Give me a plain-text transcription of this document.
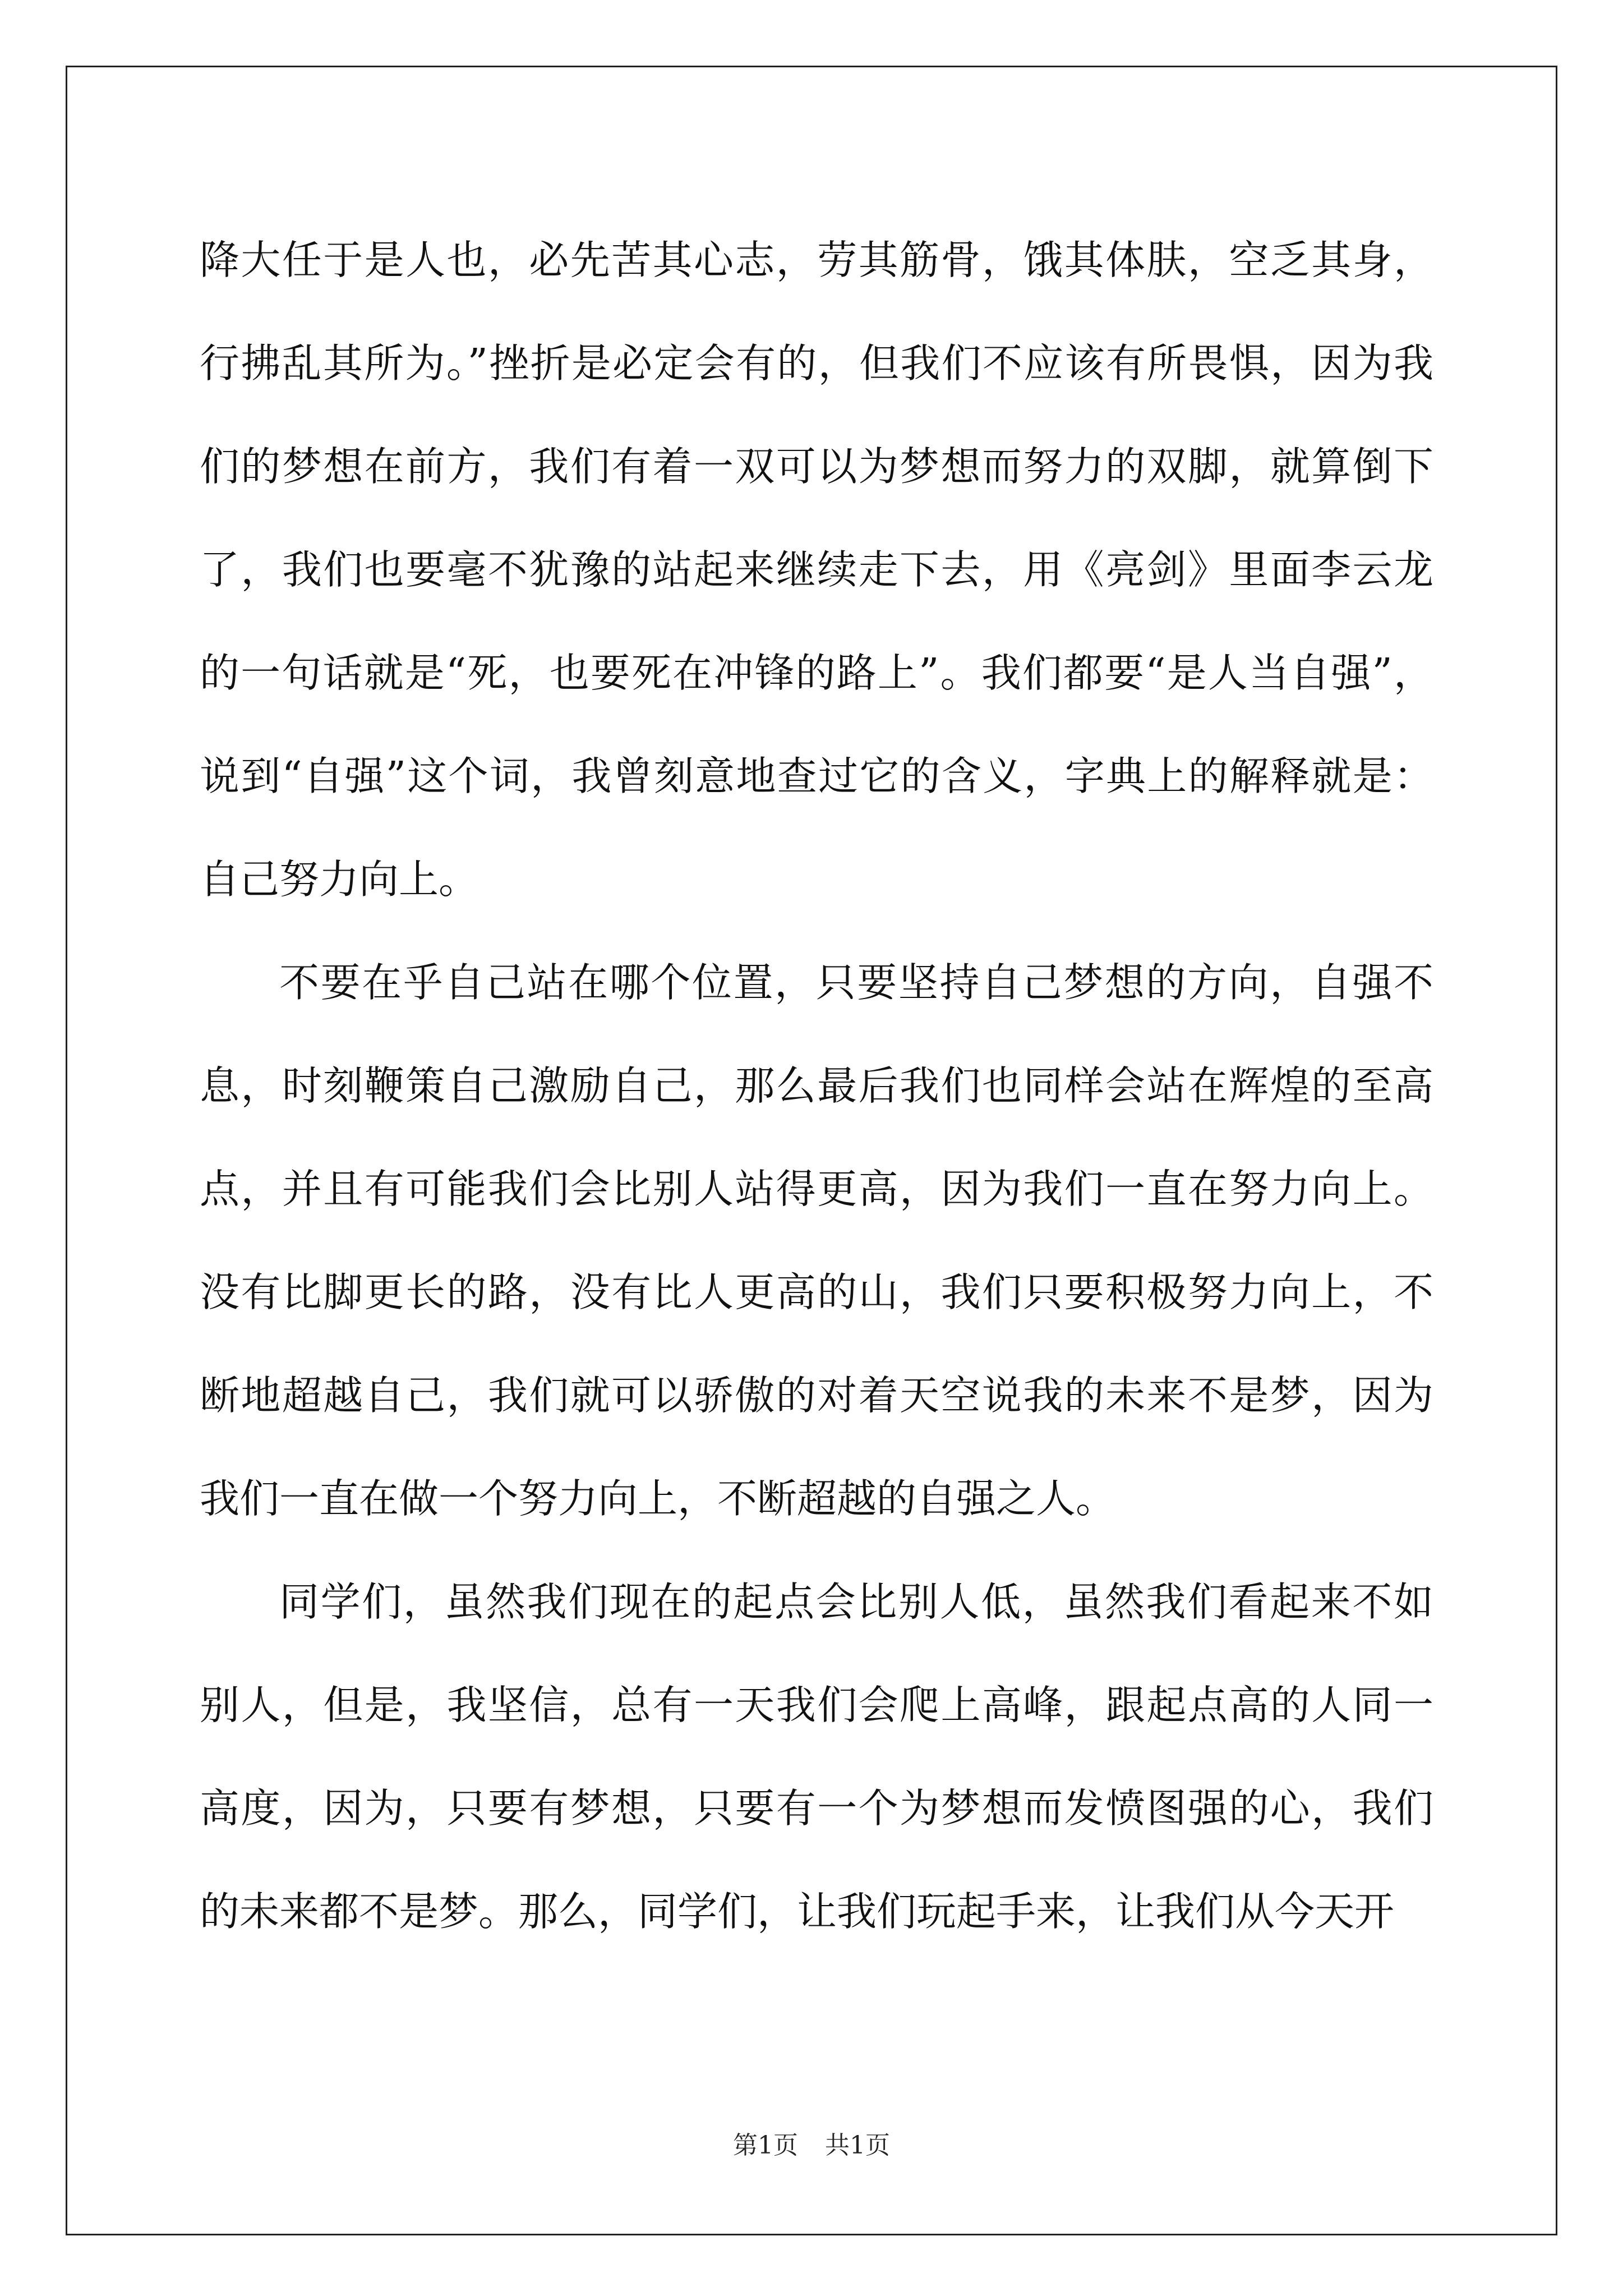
降大任于是人也，必先苦其心志，劳其筋骨，饿其体肤，空乏其身，行拂乱其所为。”挫折是必定会有的，但我们不应该有所畏惧，因为我们的梦想在前方，我们有着一双可以为梦想而努力的双脚，就算倒下了，我们也要毫不犹豫的站起来继续走下去，用《亮剑》里面李云龙的一句话就是“死，也要死在冲锋的路上”。我们都要“是人当自强”，说到“自强”这个词，我曾刻意地查过它的含义，字典上的解释就是：自己努力向上。

不要在乎自己站在哪个位置，只要坚持自己梦想的方向，自强不息，时刻鞭策自己激励自己，那么最后我们也同样会站在辉煌的至高点，并且有可能我们会比别人站得更高，因为我们一直在努力向上。没有比脚更长的路，没有比人更高的山，我们只要积极努力向上，不断地超越自己，我们就可以骄傲的对着天空说我的未来不是梦，因为我们一直在做一个努力向上，不断超越的自强之人。

同学们，虽然我们现在的起点会比别人低，虽然我们看起来不如别人，但是，我坚信，总有一天我们会爬上高峰，跟起点高的人同一高度，因为，只要有梦想，只要有一个为梦想而发愤图强的心，我们的未来都不是梦。那么，同学们，让我们玩起手来，让我们从今天开

第1页 共1页
